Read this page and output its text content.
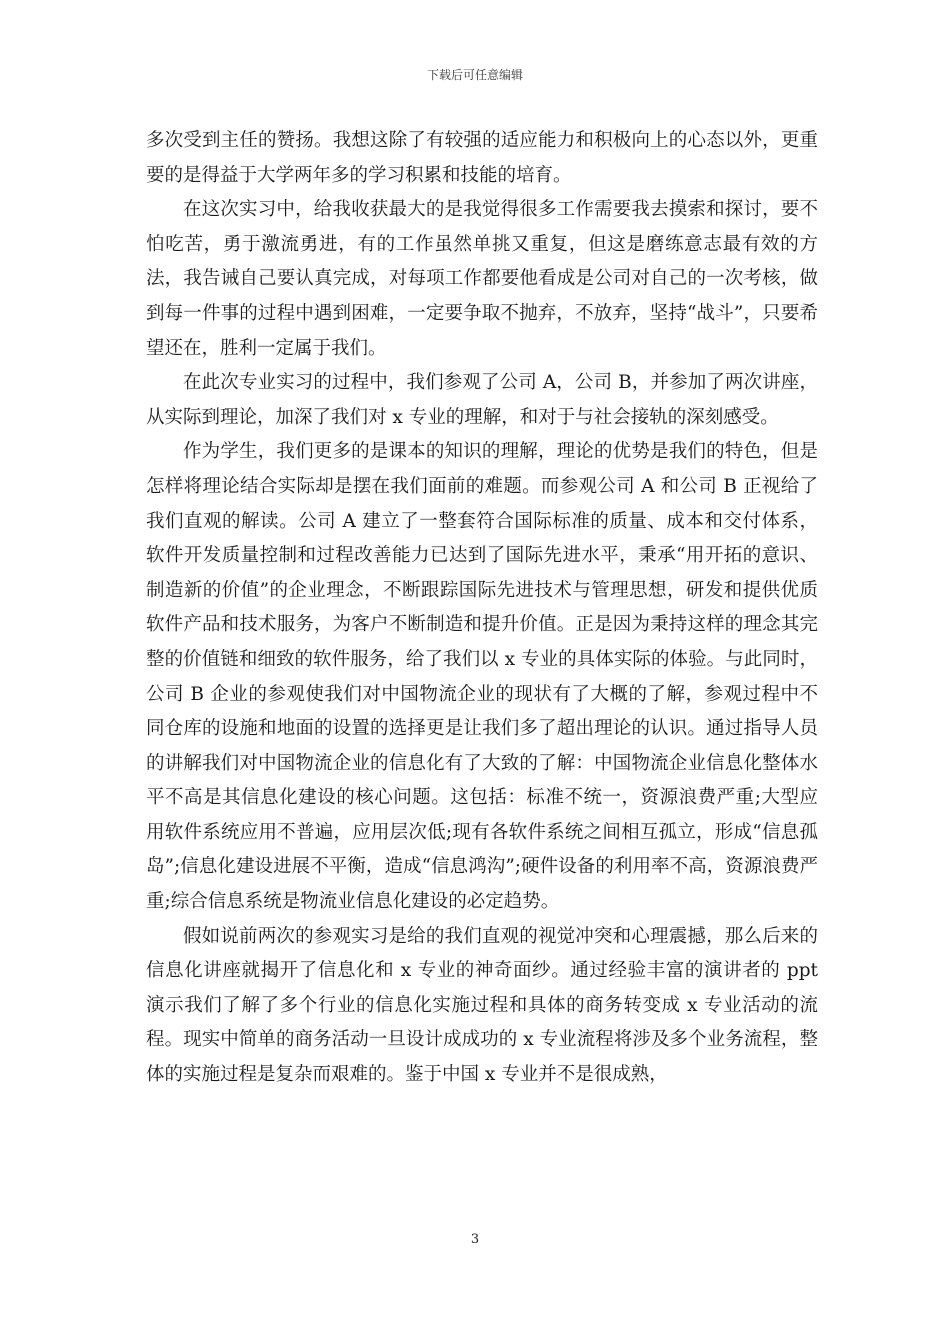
下载后可任意编辑

多次受到主任的赞扬。我想这除了有较强的适应能力和积极向上的心态以外，更重要的是得益于大学两年多的学习积累和技能的培育。

在这次实习中，给我收获最大的是我觉得很多工作需要我去摸索和探讨，要不怕吃苦，勇于激流勇进，有的工作虽然单挑又重复，但这是磨练意志最有效的方法，我告诫自己要认真完成，对每项工作都要他看成是公司对自己的一次考核，做到每一件事的过程中遇到困难，一定要争取不抛弃，不放弃，坚持“战斗”，只要希望还在，胜利一定属于我们。

在此次专业实习的过程中，我们参观了公司 A，公司 B，并参加了两次讲座，从实际到理论，加深了我们对 x 专业的理解，和对于与社会接轨的深刻感受。

作为学生，我们更多的是课本的知识的理解，理论的优势是我们的特色，但是怎样将理论结合实际却是摆在我们面前的难题。而参观公司 A 和公司 B 正视给了我们直观的解读。公司 A 建立了一整套符合国际标准的质量、成本和交付体系，软件开发质量控制和过程改善能力已达到了国际先进水平，秉承“用开拓的意识、制造新的价值”的企业理念，不断跟踪国际先进技术与管理思想，研发和提供优质软件产品和技术服务，为客户不断制造和提升价值。正是因为秉持这样的理念其完整的价值链和细致的软件服务，给了我们以 x 专业的具体实际的体验。与此同时，公司 B 企业的参观使我们对中国物流企业的现状有了大概的了解，参观过程中不同仓库的设施和地面的设置的选择更是让我们多了超出理论的认识。通过指导人员的讲解我们对中国物流企业的信息化有了大致的了解：中国物流企业信息化整体水平不高是其信息化建设的核心问题。这包括：标准不统一，资源浪费严重;大型应用软件系统应用不普遍，应用层次低;现有各软件系统之间相互孤立，形成“信息孤岛”;信息化建设进展不平衡，造成“信息鸿沟”;硬件设备的利用率不高，资源浪费严重;综合信息系统是物流业信息化建设的必定趋势。

假如说前两次的参观实习是给的我们直观的视觉冲突和心理震撼，那么后来的信息化讲座就揭开了信息化和 x 专业的神奇面纱。通过经验丰富的演讲者的 ppt 演示我们了解了多个行业的信息化实施过程和具体的商务转变成 x 专业活动的流程。现实中简单的商务活动一旦设计成成功的 x 专业流程将涉及多个业务流程，整体的实施过程是复杂而艰难的。鉴于中国 x 专业并不是很成熟，

3
